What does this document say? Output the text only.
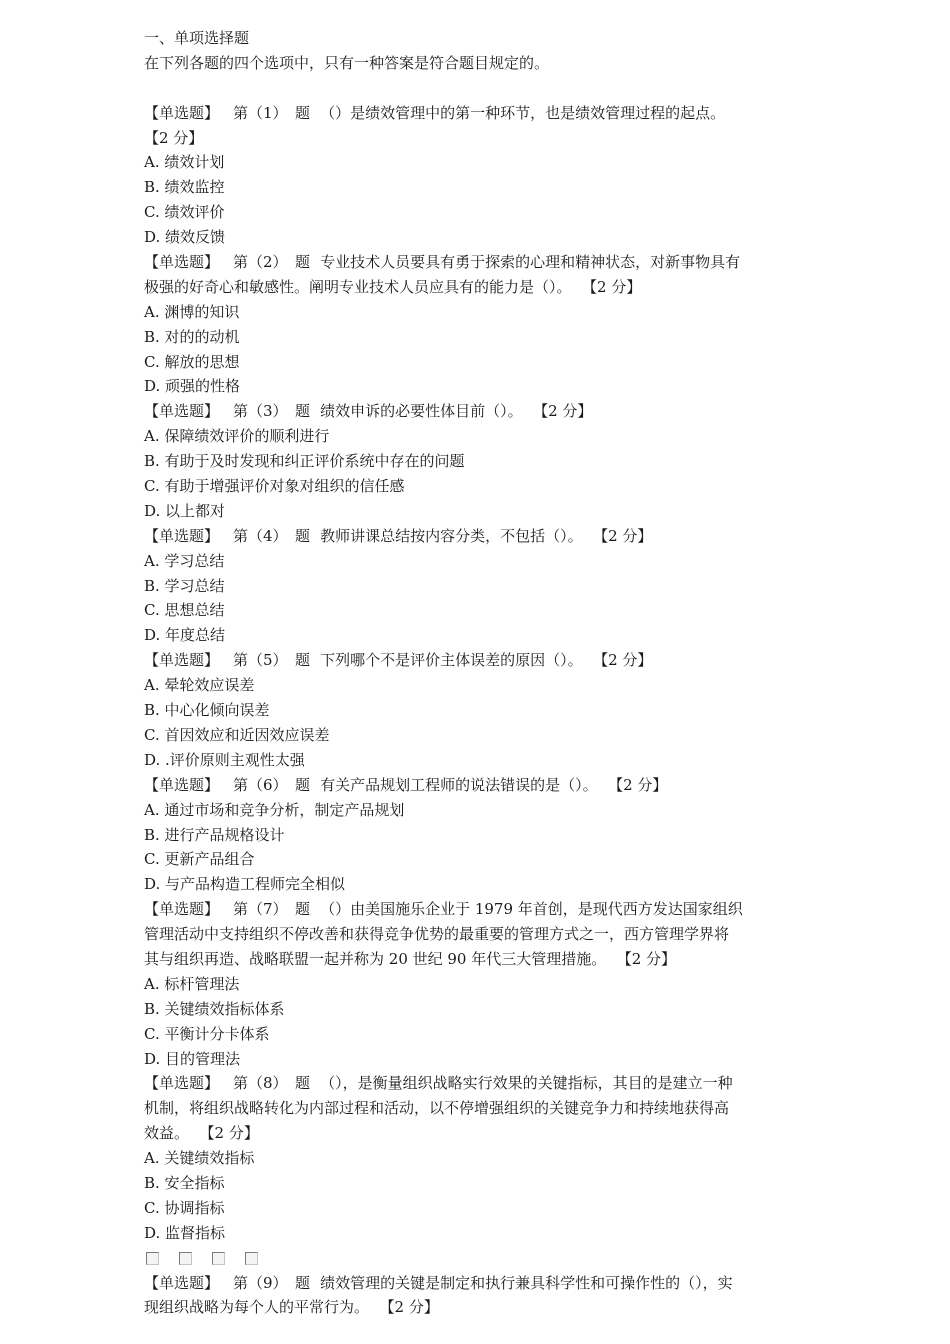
一、单项选择题
在下列各题的四个选项中，只有一种答案是符合题目规定的。
【单选题】 第（1）　题 （）是绩效管理中的第一种环节，也是绩效管理过程的起点。
【2 分】
A. 绩效计划
B. 绩效监控
C. 绩效评价
D. 绩效反馈
【单选题】 第（2）　题 专业技术人员要具有勇于探索的心理和精神状态，对新事物具有
极强的好奇心和敏感性。阐明专业技术人员应具有的能力是（）。 【2 分】
A. 渊博的知识
B. 对的的动机
C. 解放的思想
D. 顽强的性格
【单选题】 第（3）　题 绩效申诉的必要性体目前（）。 【2 分】
A. 保障绩效评价的顺利进行
B. 有助于及时发现和纠正评价系统中存在的问题
C. 有助于增强评价对象对组织的信任感
D. 以上都对
【单选题】 第（4）　题 教师讲课总结按内容分类，不包括（）。 【2 分】
A. 学习总结
B. 学习总结
C. 思想总结
D. 年度总结
【单选题】 第（5）　题 下列哪个不是评价主体误差的原因（）。 【2 分】
A. 晕轮效应误差
B. 中心化倾向误差
C. 首因效应和近因效应误差
D. .评价原则主观性太强
【单选题】 第（6）　题 有关产品规划工程师的说法错误的是（）。 【2 分】
A. 通过市场和竞争分析，制定产品规划
B. 进行产品规格设计
C. 更新产品组合
D. 与产品构造工程师完全相似
【单选题】 第（7）　题 （）由美国施乐企业于 1979 年首创，是现代西方发达国家组织
管理活动中支持组织不停改善和获得竞争优势的最重要的管理方式之一，西方管理学界将
其与组织再造、战略联盟一起并称为 20 世纪 90 年代三大管理措施。 【2 分】
A. 标杆管理法
B. 关键绩效指标体系
C. 平衡计分卡体系
D. 目的管理法
【单选题】 第（8）　题 （），是衡量组织战略实行效果的关键指标，其目的是建立一种
机制，将组织战略转化为内部过程和活动，以不停增强组织的关键竞争力和持续地获得高
效益。 【2 分】
A. 关键绩效指标
B. 安全指标
C. 协调指标
D. 监督指标
【单选题】 第（9）　题 绩效管理的关键是制定和执行兼具科学性和可操作性的（），实
现组织战略为每个人的平常行为。 【2 分】
